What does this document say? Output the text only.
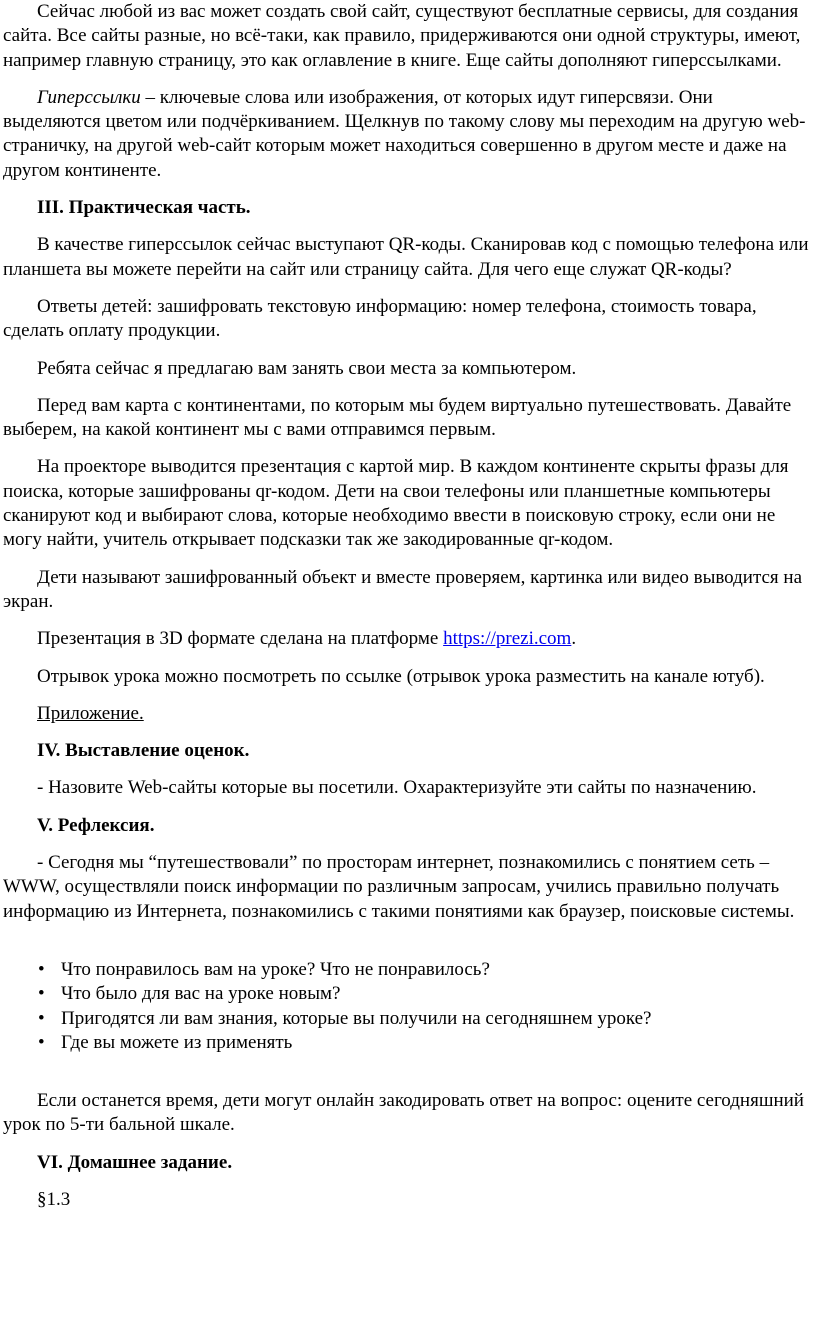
Сейчас любой из вас может создать свой сайт, существуют бесплатные сервисы, для создания сайта. Все сайты разные, но всё-таки, как правило, придерживаются они одной структуры, имеют, например главную страницу, это как оглавление в книге. Еще сайты дополняют гиперссылками.

Гиперссылки – ключевые слова или изображения, от которых идут гиперсвязи. Они выделяются цветом или подчёркиванием. Щелкнув по такому слову мы переходим на другую web-страничку, на другой web-сайт которым может находиться совершенно в другом месте и даже на другом континенте.

III. Практическая часть.

В качестве гиперссылок сейчас выступают QR-коды. Сканировав код с помощью телефона или планшета вы можете перейти на сайт или страницу сайта. Для чего еще служат QR-коды?

Ответы детей: зашифровать текстовую информацию: номер телефона, стоимость товара, сделать оплату продукции.

Ребята сейчас я предлагаю вам занять свои места за компьютером.

Перед вам карта с континентами, по которым мы будем виртуально путешествовать. Давайте выберем, на какой континент мы с вами отправимся первым.

На проекторе выводится презентация с картой мир. В каждом континенте скрыты фразы для поиска, которые зашифрованы qr-кодом. Дети на свои телефоны или планшетные компьютеры сканируют код и выбирают слова, которые необходимо ввести в поисковую строку, если они не могу найти, учитель открывает подсказки так же закодированные qr-кодом.

Дети называют зашифрованный объект и вместе проверяем, картинка или видео выводится на экран.

Презентация в 3D формате сделана на платформе https://prezi.com.

Отрывок урока можно посмотреть по ссылке (отрывок урока разместить на канале ютуб).

Приложение.

IV. Выставление оценок.

- Назовите Web-сайты которые вы посетили. Охарактеризуйте эти сайты по назначению.

V. Рефлексия.

- Сегодня мы “путешествовали” по просторам интернет, познакомились с понятием сеть – WWW, осуществляли поиск информации по различным запросам, учились правильно получать информацию из Интернета, познакомились с такими понятиями как браузер, поисковые системы.

• Что понравилось вам на уроке? Что не понравилось?
• Что было для вас на уроке новым?
• Пригодятся ли вам знания, которые вы получили на сегодняшнем уроке?
• Где вы можете из применять

Если останется время, дети могут онлайн закодировать ответ на вопрос: оцените сегодняшний урок по 5-ти бальной шкале.

VI. Домашнее задание.

§1.3
